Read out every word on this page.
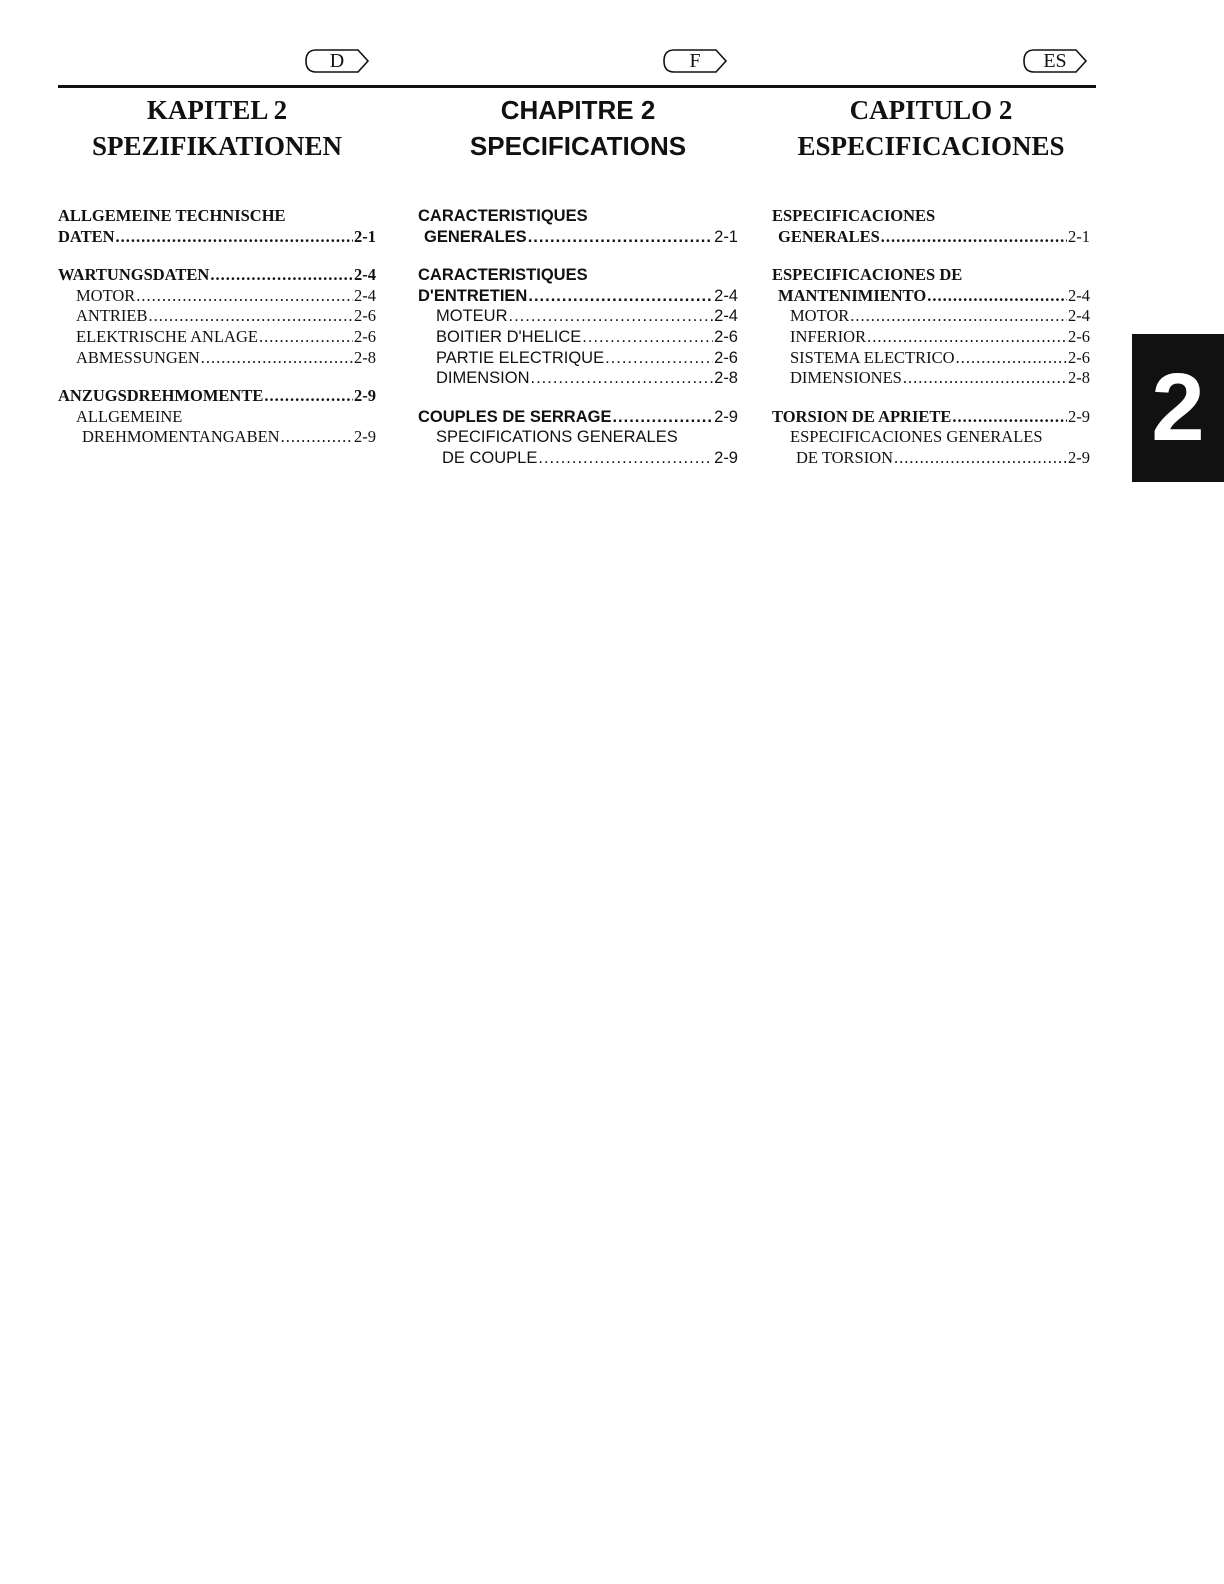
D	F	ES
KAPITEL 2
SPEZIFIKATIONEN
ALLGEMEINE TECHNISCHE
DATEN .....	2-1
WARTUNGSDATEN .....	2-4
MOTOR .....	2-4
ANTRIEB .....	2-6
ELEKTRISCHE ANLAGE .....	2-6
ABMESSUNGEN .....	2-8
ANZUGSDREHMOMENTE .....	2-9
ALLGEMEINE
DREHMOMENTANGABEN .....	2-9
CHAPITRE 2
SPECIFICATIONS
CARACTERISTIQUES
GENERALES .....	2-1
CARACTERISTIQUES
D'ENTRETIEN .....	2-4
MOTEUR .....	2-4
BOITIER D'HELICE .....	2-6
PARTIE ELECTRIQUE .....	2-6
DIMENSION .....	2-8
COUPLES DE SERRAGE .....	2-9
SPECIFICATIONS GENERALES
DE COUPLE .....	2-9
CAPITULO 2
ESPECIFICACIONES
ESPECIFICACIONES
GENERALES .....	2-1
ESPECIFICACIONES DE
MANTENIMIENTO .....	2-4
MOTOR .....	2-4
INFERIOR .....	2-6
SISTEMA ELECTRICO .....	2-6
DIMENSIONES .....	2-8
TORSION DE APRIETE .....	2-9
ESPECIFICACIONES GENERALES
DE TORSION .....	2-9 2
